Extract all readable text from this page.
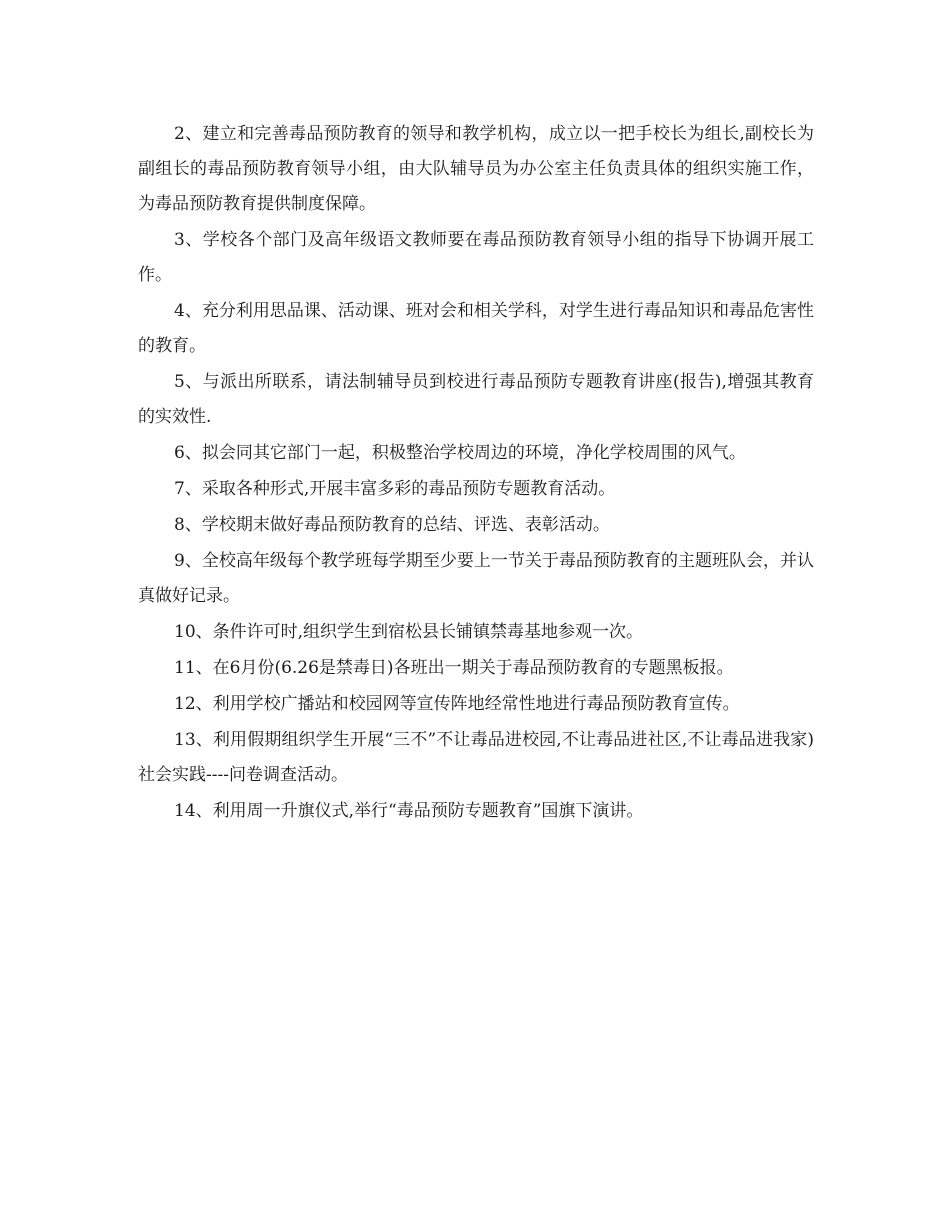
2、建立和完善毒品预防教育的领导和教学机构，成立以一把手校长为组长,副校长为副组长的毒品预防教育领导小组，由大队辅导员为办公室主任负责具体的组织实施工作，为毒品预防教育提供制度保障。

3、学校各个部门及高年级语文教师要在毒品预防教育领导小组的指导下协调开展工作。

4、充分利用思品课、活动课、班对会和相关学科，对学生进行毒品知识和毒品危害性的教育。

5、与派出所联系，请法制辅导员到校进行毒品预防专题教育讲座(报告),增强其教育的实效性.

6、拟会同其它部门一起，积极整治学校周边的环境，净化学校周围的风气。

7、采取各种形式,开展丰富多彩的毒品预防专题教育活动。

8、学校期末做好毒品预防教育的总结、评选、表彰活动。

9、全校高年级每个教学班每学期至少要上一节关于毒品预防教育的主题班队会，并认真做好记录。

10、条件许可时,组织学生到宿松县长铺镇禁毒基地参观一次。

11、在6月份(6.26是禁毒日)各班出一期关于毒品预防教育的专题黑板报。

12、利用学校广播站和校园网等宣传阵地经常性地进行毒品预防教育宣传。

13、利用假期组织学生开展“三不”不让毒品进校园,不让毒品进社区,不让毒品进我家)社会实践----问卷调查活动。

14、利用周一升旗仪式,举行“毒品预防专题教育”国旗下演讲。
